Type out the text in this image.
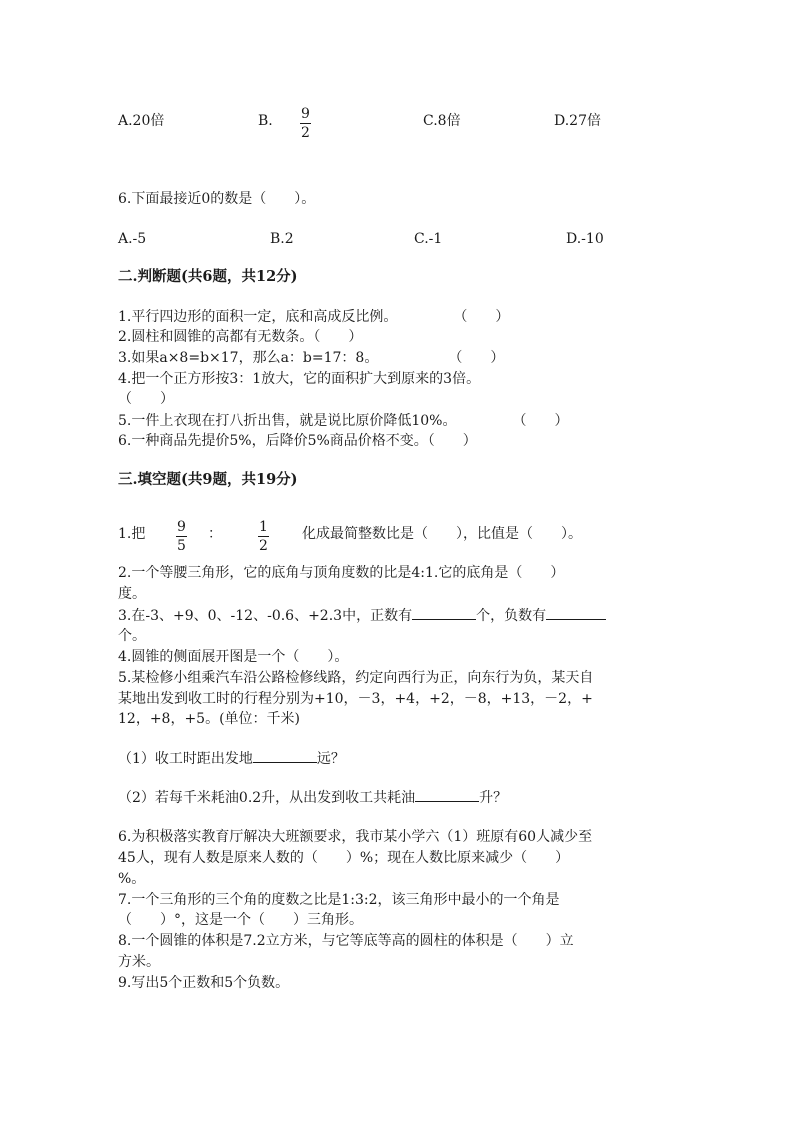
A.20倍	B. 9
2
C.8倍	D.27倍
6.下面最接近0的数是（　　）。
A.-5	B.2	C.-1	D.-10
二.判断题(共6题，共12分)
1.平行四边形的面积一定，底和高成反比例。　　　　　（　　）
2.圆柱和圆锥的高都有无数条。（　　）
3.如果a×8=b×17，那么a：b=17：8。　　　　　　（　　）
4.把一个正方形按3：1放大，它的面积扩大到原来的3倍。
（　　）
5.一件上衣现在打八折出售，就是说比原价降低10%。　　　　　（　　）
6.一种商品先提价5%，后降价5%商品价格不变。（　　）
三.填空题(共9题，共19分)
1.把 9
5
：	1
2
化成最简整数比是（　　），比值是（　　）。
2.一个等腰三角形，它的底角与顶角度数的比是4:1.它的底角是（　　）
度。
3.在-3、+9、0、-12、-0.6、+2.3中，正数有	个，负数有
个。
4.圆锥的侧面展开图是一个（　　）。
5.某检修小组乘汽车沿公路检修线路，约定向西行为正，向东行为负，某天自
某地出发到收工时的行程分别为+10，－3，+4，+2，－8，+13，－2，+
12，+8，+5。(单位：千米)
（1）收工时距出发地	远？
（2）若每千米耗油0.2升，从出发到收工共耗油	升？
6.为积极落实教育厅解决大班额要求，我市某小学六（1）班原有60人减少至
45人，现有人数是原来人数的（　　）%；现在人数比原来减少（　　）
%。
7.一个三角形的三个角的度数之比是1:3:2，该三角形中最小的一个角是
（　　）°，这是一个（　　）三角形。
8.一个圆锥的体积是7.2立方米，与它等底等高的圆柱的体积是（　　）立
方米。
9.写出5个正数和5个负数。
